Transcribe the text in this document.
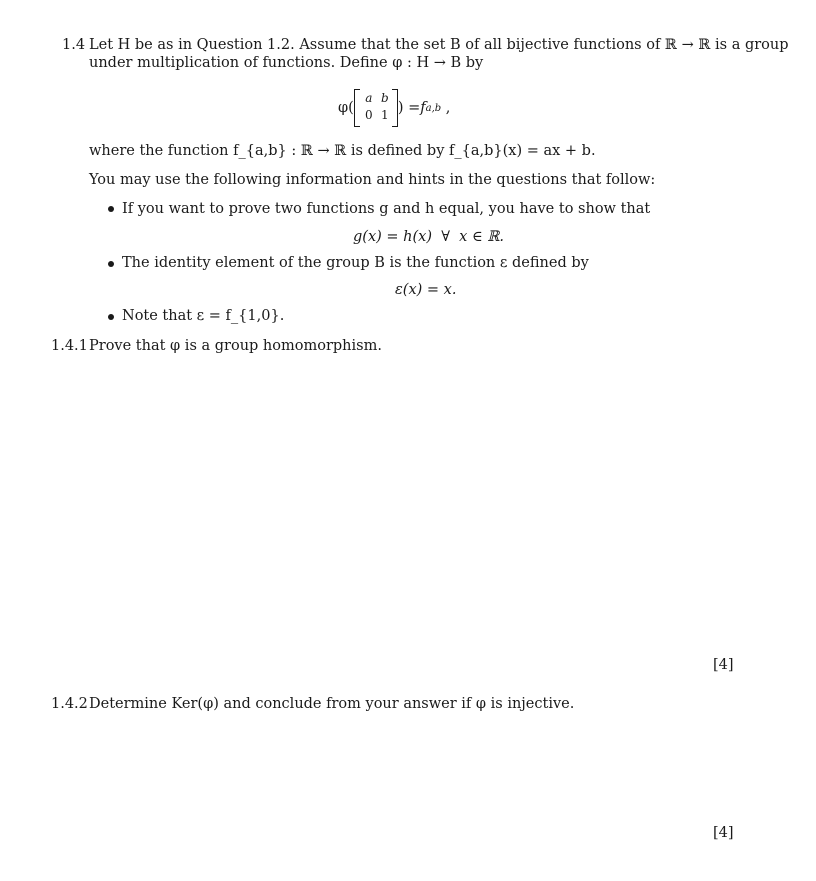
1.4 Let H be as in Question 1.2. Assume that the set B of all bijective functions of ℝ → ℝ is a group
under multiplication of functions. Define φ : H → B by
φ(
a b
0 1 ) = f a,b ,
where the function f_{a,b} : ℝ → ℝ is defined by f_{a,b}(x) = ax + b.
You may use the following information and hints in the questions that follow:
If you want to prove two functions g and h equal, you have to show that
g(x) = h(x)  ∀  x ∈ ℝ.
The identity element of the group B is the function ε defined by
ε(x) = x.
Note that ε = f_{1,0}.
1.4.1 Prove that φ is a group homomorphism.
[4]
1.4.2 Determine Ker(φ) and conclude from your answer if φ is injective.
[4]
